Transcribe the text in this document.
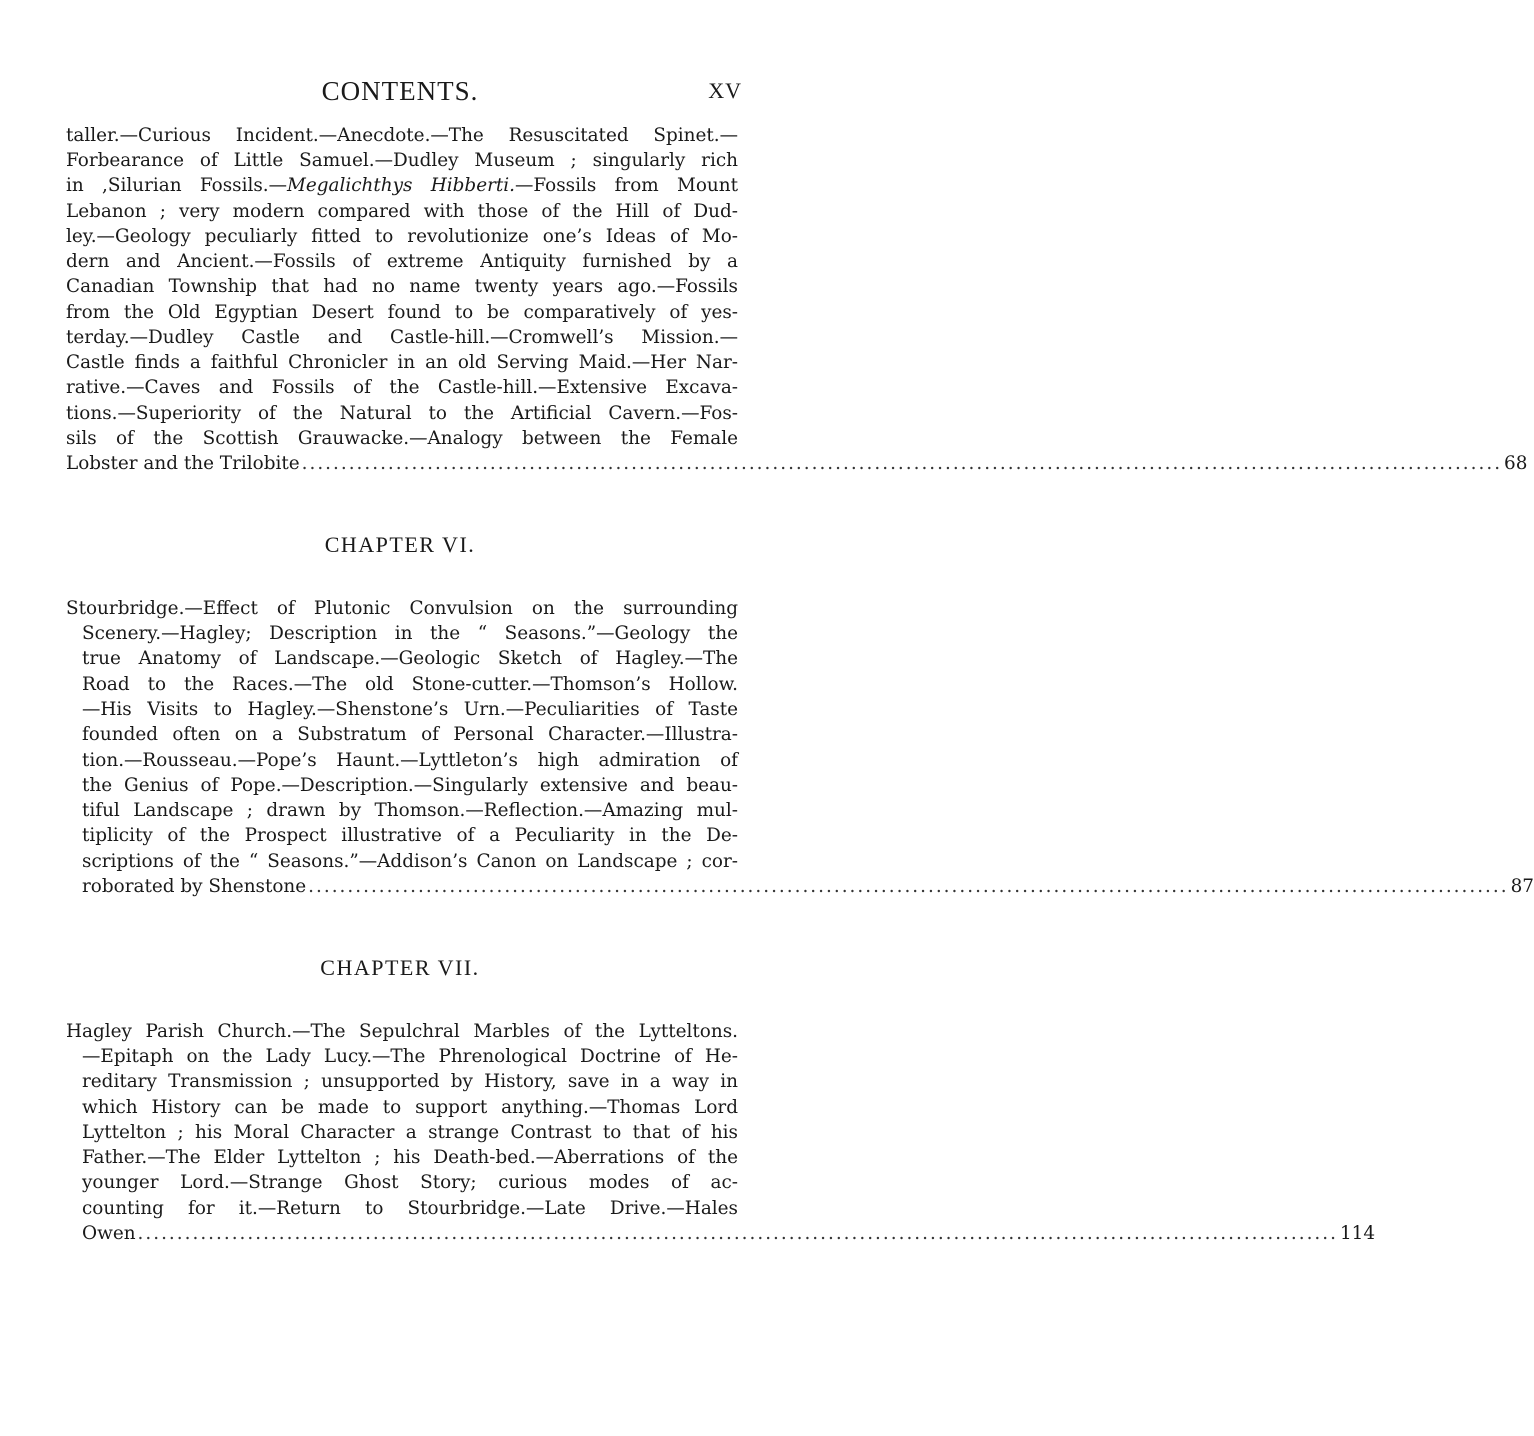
CONTENTS.	XV
taller.—Curious Incident.—Anecdote.—The Resuscitated Spinet.—
Forbearance of Little Samuel.—Dudley Museum ; singularly rich
in ,Silurian Fossils.—Megalichthys Hibberti.—Fossils from Mount
Lebanon ; very modern compared with those of the Hill of Dud-
ley.—Geology peculiarly fitted to revolutionize one’s Ideas of Mo-
dern and Ancient.—Fossils of extreme Antiquity furnished by a
Canadian Township that had no name twenty years ago.—Fossils
from the Old Egyptian Desert found to be comparatively of yes-
terday.—Dudley Castle and Castle-hill.—Cromwell’s Mission.—
Castle finds a faithful Chronicler in an old Serving Maid.—Her Nar-
rative.—Caves and Fossils of the Castle-hill.—Extensive Excava-
tions.—Superiority of the Natural to the Artificial Cavern.—Fos-
sils of the Scottish Grauwacke.—Analogy between the Female
Lobster and the Trilobite ......................................................................................................................................................... 68
CHAPTER VI.
Stourbridge.—Effect of Plutonic Convulsion on the surrounding
Scenery.—Hagley; Description in the “ Seasons.”—Geology the
true Anatomy of Landscape.—Geologic Sketch of Hagley.—The
Road to the Races.—The old Stone-cutter.—Thomson’s Hollow.
—His Visits to Hagley.—Shenstone’s Urn.—Peculiarities of Taste
founded often on a Substratum of Personal Character.—Illustra-
tion.—Rousseau.—Pope’s Haunt.—Lyttleton’s high admiration of
the Genius of Pope.—Description.—Singularly extensive and beau-
tiful Landscape ; drawn by Thomson.—Reflection.—Amazing mul-
tiplicity of the Prospect illustrative of a Peculiarity in the De-
scriptions of the “ Seasons.”—Addison’s Canon on Landscape ; cor-
roborated by Shenstone ......................................................................................................................................................... 87
CHAPTER VII.
Hagley Parish Church.—The Sepulchral Marbles of the Lytteltons.
—Epitaph on the Lady Lucy.—The Phrenological Doctrine of He-
reditary Transmission ; unsupported by History, save in a way in
which History can be made to support anything.—Thomas Lord
Lyttelton ; his Moral Character a strange Contrast to that of his
Father.—The Elder Lyttelton ; his Death-bed.—Aberrations of the
younger Lord.—Strange Ghost Story; curious modes of ac-
counting for it.—Return to Stourbridge.—Late Drive.—Hales
Owen ......................................................................................................................................................... 114
